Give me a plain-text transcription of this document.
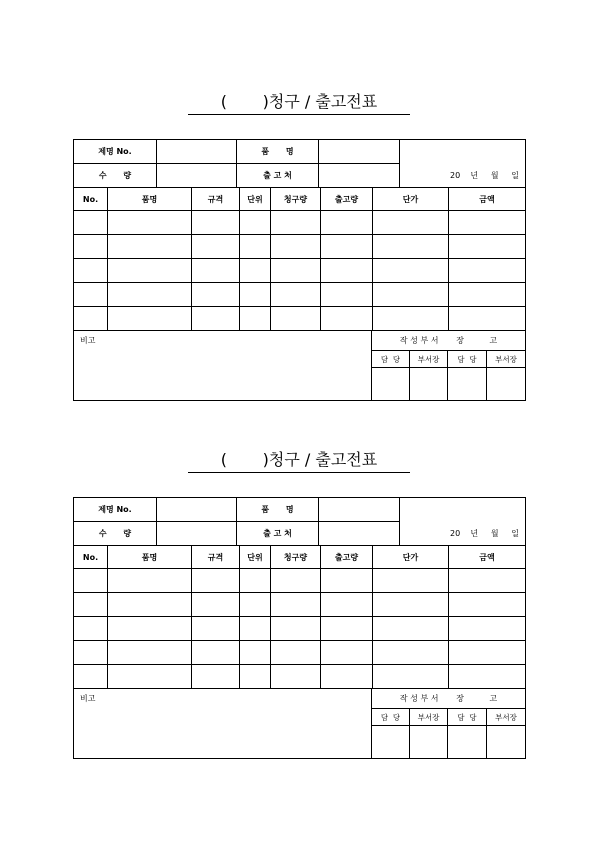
(       )청구 / 출고전표
제명 No.		품      명		20    년     월     일
수      량		출 고 처		
No.	품명	규격	단위	청구량	출고량	단가	금액

비고	작 성 부 서       장          고			
	담  당	부서장	담  당	부서장

(       )청구 / 출고전표
제명 No.		품      명		20    년     월     일
수      량		출 고 처		
No.	품명	규격	단위	청구량	출고량	단가	금액

비고	작 성 부 서       장          고			
	담  당	부서장	담  당	부서장
